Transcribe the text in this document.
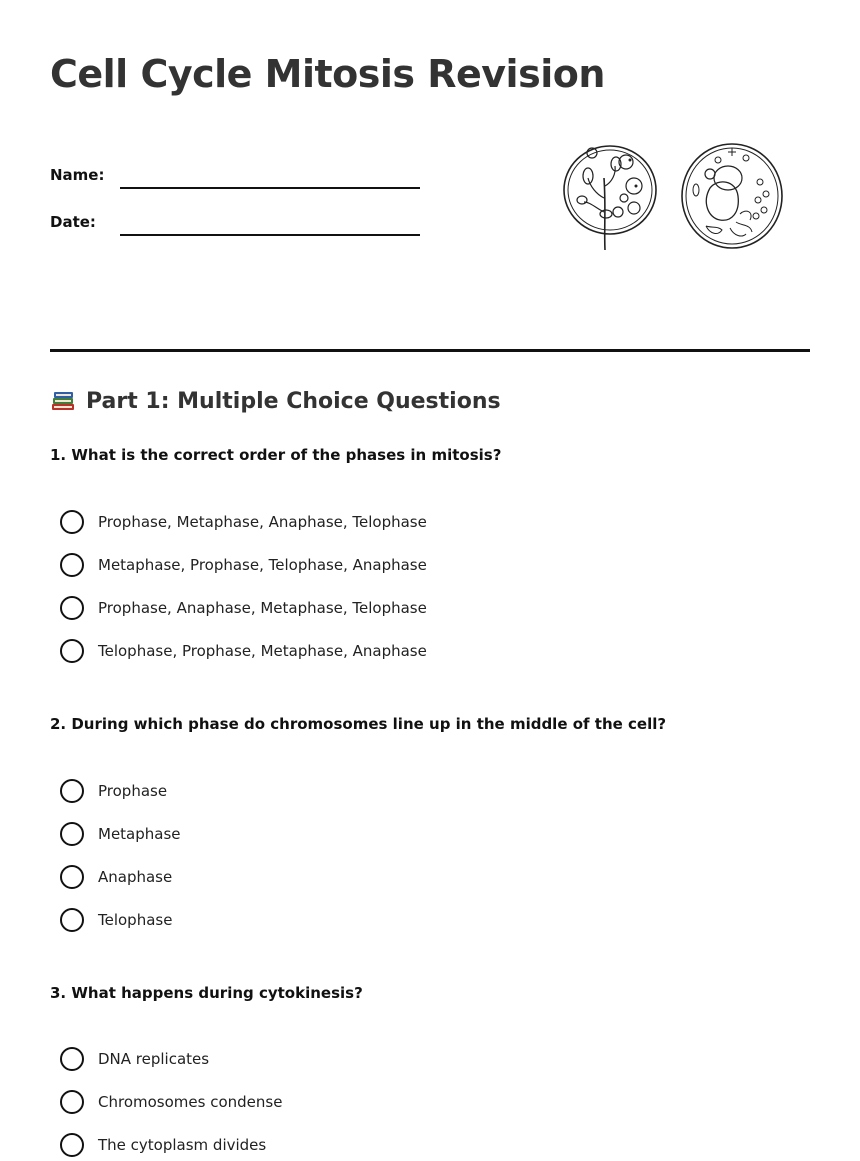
Cell Cycle Mitosis Revision
Name:
Date:
Part 1: Multiple Choice Questions

1. What is the correct order of the phases in mitosis?

Prophase, Metaphase, Anaphase, Telophase
Metaphase, Prophase, Telophase, Anaphase
Prophase, Anaphase, Metaphase, Telophase
Telophase, Prophase, Metaphase, Anaphase

2. During which phase do chromosomes line up in the middle of the cell?

Prophase
Metaphase
Anaphase
Telophase

3. What happens during cytokinesis?

DNA replicates
Chromosomes condense
The cytoplasm divides
